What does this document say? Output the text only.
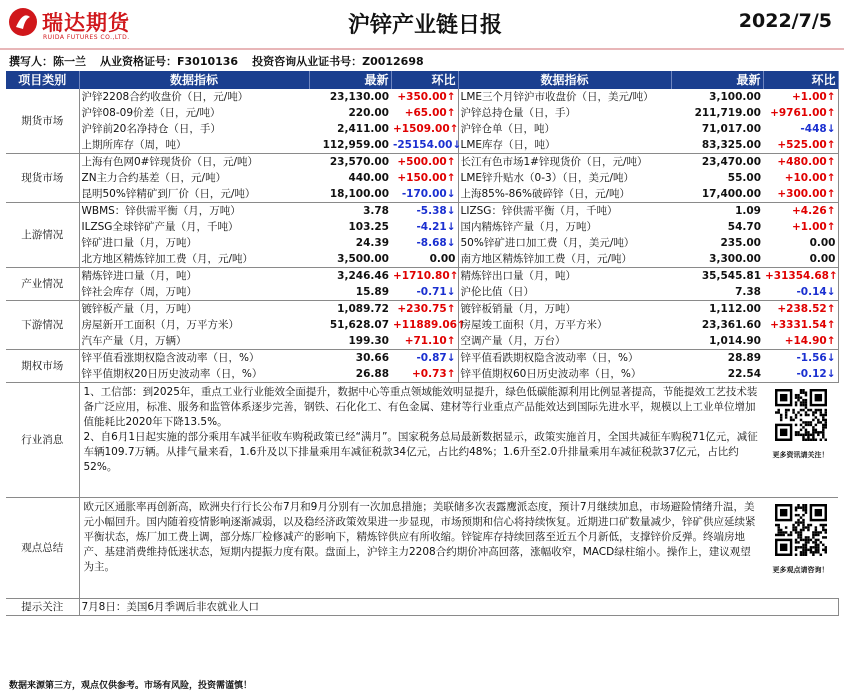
瑞达期货
RUIDA FUTURES CO.,LTD.	沪锌产业链日报	2022/7/5
撰写人：陈一兰 从业资格证号：F3010136 投资咨询从业证书号：Z0012698

项目类别	数据指标	最新	环比	数据指标	最新	环比
期货市场	沪锌2208合约收盘价（日，元/吨）	23,130.00	+350.00↑	LME三个月锌沪市收盘价（日，美元/吨）	3,100.00	+1.00↑
	沪锌08-09价差（日，元/吨）	220.00	+65.00↑	沪锌总持仓量（日，手）	211,719.00	+9761.00↑
	沪锌前20名净持仓（日，手）	2,411.00	+1509.00↑	沪锌仓单（日，吨）	71,017.00	-448↓
	上期所库存（周，吨）	112,959.00	-25154.00↓	LME库存（日，吨）	83,325.00	+525.00↑
现货市场	上海有色网0#锌现货价（日，元/吨）	23,570.00	+500.00↑	长江有色市场1#锌现货价（日，元/吨）	23,470.00	+480.00↑
	ZN主力合约基差（日，元/吨）	440.00	+150.00↑	LME锌升贴水（0-3）（日，美元/吨）	55.00	+10.00↑
	昆明50%锌精矿到厂价（日，元/吨）	18,100.00	-170.00↓	上海85%-86%破碎锌（日，元/吨）	17,400.00	+300.00↑
上游情况	WBMS：锌供需平衡（月，万吨）	3.78	-5.38↓	LIZSG：锌供需平衡（月，千吨）	1.09	+4.26↑
	ILZSG全球锌矿产量（月，千吨）	103.25	-4.21↓	国内精炼锌产量（月，万吨）	54.70	+1.00↑
	锌矿进口量（月，万吨）	24.39	-8.68↓	50%锌矿进口加工费（月，美元/吨）	235.00	0.00
	北方地区精炼锌加工费（月，元/吨）	3,500.00	0.00	南方地区精炼锌加工费（月，元/吨）	3,300.00	0.00
产业情况	精炼锌进口量（月，吨）	3,246.46	+1710.80↑	精炼锌出口量（月，吨）	35,545.81	+31354.68↑
	锌社会库存（周，万吨）	15.89	-0.71↓	沪伦比值（日）	7.38	-0.14↓
下游情况	镀锌板产量（月，万吨）	1,089.72	+230.75↑	镀锌板销量（月，万吨）	1,112.00	+238.52↑
	房屋新开工面积（月，万平方米）	51,628.07	+11889.06↑	房屋竣工面积（月，万平方米）	23,361.60	+3331.54↑
	汽车产量（月，万辆）	199.30	+71.10↑	空调产量（月，万台）	1,014.90	+14.90↑
期权市场	锌平值看涨期权隐含波动率（日，%）	30.66	-0.87↓	锌平值看跌期权隐含波动率（日，%）	28.89	-1.56↓
	锌平值期权20日历史波动率（日，%）	26.88	+0.73↑	锌平值期权60日历史波动率（日，%）	22.54	-0.12↓
行业消息	1、工信部：到2025年，重点工业行业能效全面提升，数据中心等重点领域能效明显提升，绿色低碳能源利用比例显著提高，节能提效工艺技术装备广泛应用，标准、服务和监管体系逐步完善，钢铁、石化化工、有色金属、建材等行业重点产品能效达到国际先进水平，规模以上工业单位增加值能耗比2020年下降13.5%。
2、自6月1日起实施的部分乘用车减半征收车购税政策已经“满月”。国家税务总局最新数据显示，政策实施首月，全国共减征车购税71亿元，减征车辆109.7万辆。从排气量来看，1.6升及以下排量乘用车减征税款34亿元，占比约48%；1.6升至2.0升排量乘用车减征税款37亿元，占比约52%。					更多资讯请关注！

观点总结	欧元区通胀率再创新高，欧洲央行行长公布7月和9月分别有一次加息措施；美联储多次表露鹰派态度，预计7月继续加息，市场避险情绪升温，美元小幅回升。国内随着疫情影响逐渐减弱，以及稳经济政策效果进一步显现，市场预期和信心将持续恢复。近期进口矿数量减少，锌矿供应延续紧平衡状态，炼厂加工费上调，部分炼厂检修减产的影响下，精炼锌供应有所收缩。锌锭库存持续回落至近五个月新低，支撑锌价反弹。终端房地产、基建消费维持低迷状态，短期内提振力度有限。盘面上，沪锌主力2208合约期价冲高回落，涨幅收窄，MACD绿柱缩小。操作上，建议观望为主。					更多观点请咨询！

提示关注	7月8日：美国6月季调后非农就业人口					
数据来源第三方，观点仅供参考。市场有风险，投资需谨慎！
